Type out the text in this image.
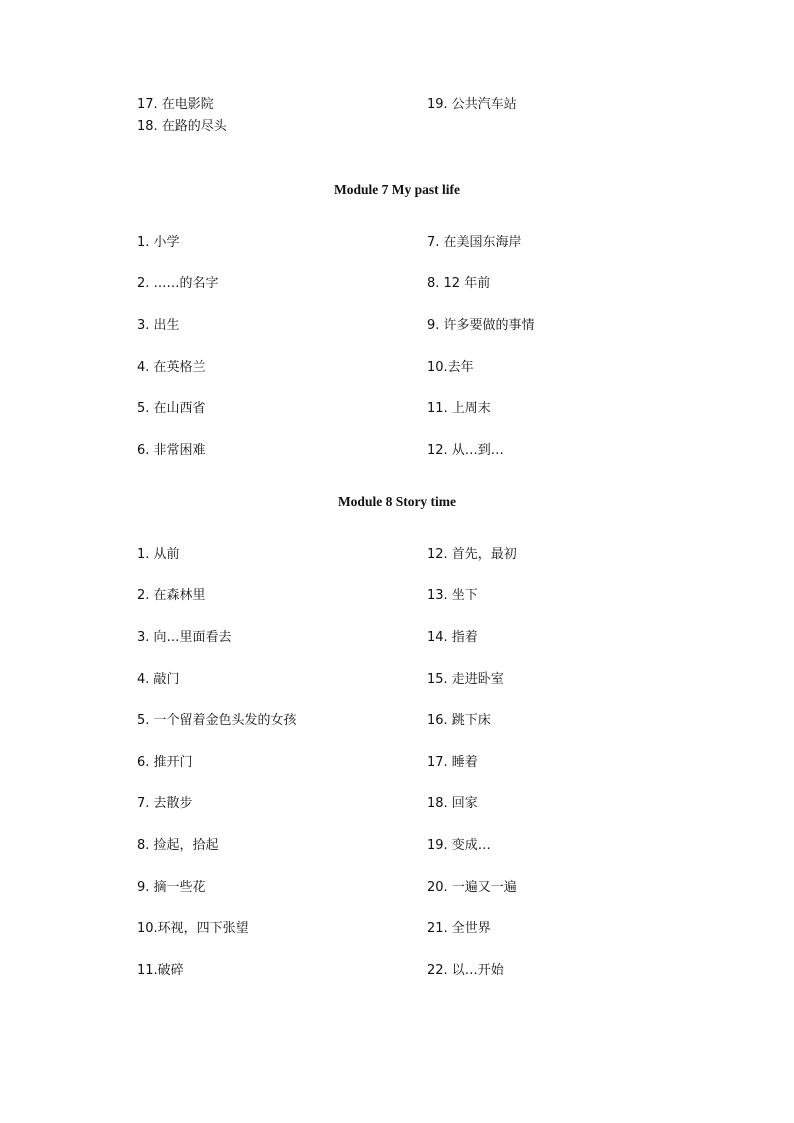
17. 在电影院	19. 公共汽车站
18. 在路的尽头
Module 7 My past life
1. 小学
2. ……的名字
3. 出生
4. 在英格兰
5. 在山西省
6. 非常困难
7. 在美国东海岸
8. 12 年前
9. 许多要做的事情
10.去年
11. 上周末
12. 从…到…
Module 8 Story time
1. 从前
2. 在森林里
3. 向…里面看去
4. 敲门
5. 一个留着金色头发的女孩
6. 推开门
7. 去散步
8. 捡起，拾起
9. 摘一些花
10.环视，四下张望
11.破碎
12. 首先，最初
13. 坐下
14. 指着
15. 走进卧室
16. 跳下床
17. 睡着
18. 回家
19. 变成…
20. 一遍又一遍
21. 全世界
22. 以…开始
